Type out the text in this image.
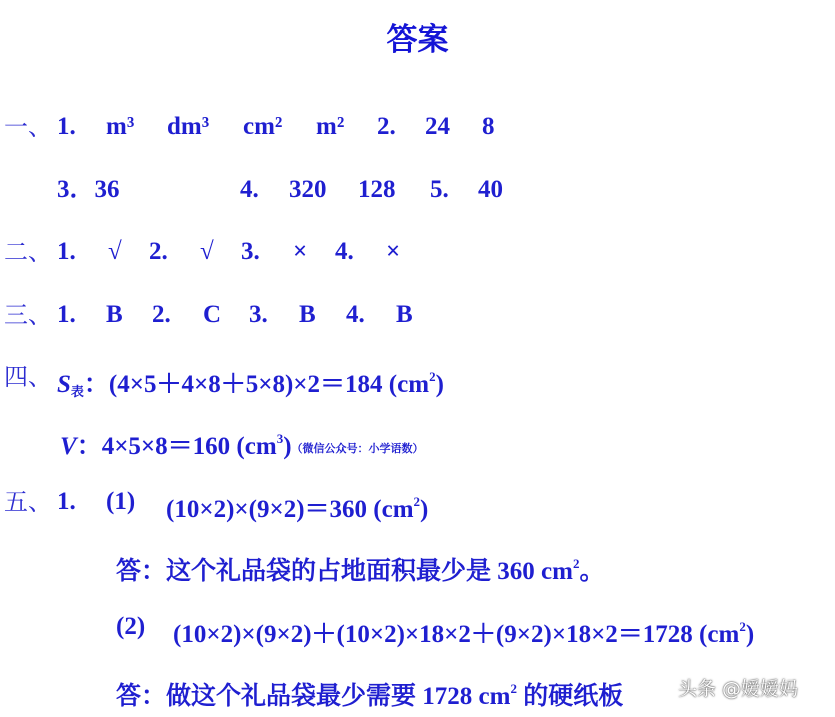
答案
一、 1. m³ dm³ cm² m² 2. 24 8
3．36	4. 320 128 5. 40
二、 1. √ 2. √ 3. × 4. ×
三、 1. B 2. C 3. B 4. B
四、 $S_表$：(4×5＋4×8＋5×8)×2＝184 $(cm^2)$
V：4×5×8＝160 $(cm^3)$（微信公众号：小学语数）
五、 1. (1) (10×2)×(9×2)＝360 $(cm^2)$
答：这个礼品袋的占地面积最少是 360 $cm^2$。
(2) (10×2)×(9×2)＋(10×2)×18×2＋(9×2)×18×2＝1728 $(cm^2)$
答：做这个礼品袋最少需要 1728 $cm^2$ 的硬纸板	头条 @嫒嫒妈
